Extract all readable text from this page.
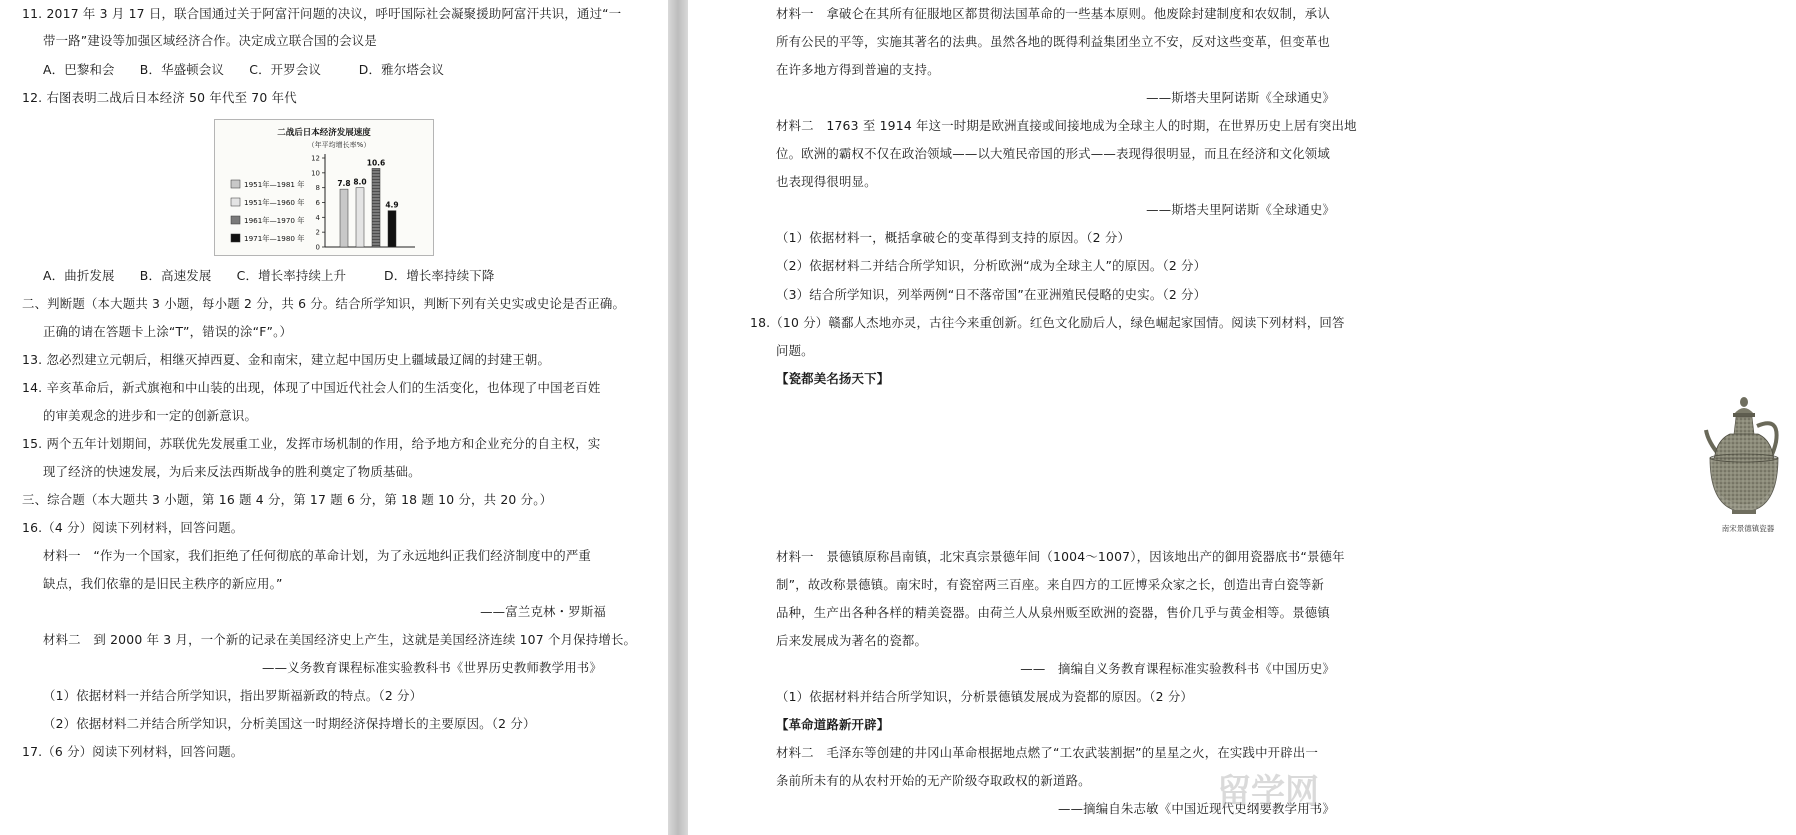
11. 2017 年 3 月 17 日，联合国通过关于阿富汗问题的决议，呼吁国际社会凝聚援助阿富汗共识，通过“一
带一路”建设等加强区域经济合作。决定成立联合国的会议是
A．巴黎和会　　B．华盛顿会议　　C．开罗会议　　　D．雅尔塔会议
12. 右图表明二战后日本经济 50 年代至 70 年代
二战后日本经济发展速度
（年平均增长率%）
0
2
4
6
8
10
12
7.8 8.0
10.6
4.9
1951年—1981 年
1951年—1960 年
1961年—1970 年
1971年—1980 年
A．曲折发展　　B．高速发展　　C．增长率持续上升　　　D．增长率持续下降
二、判断题（本大题共 3 小题，每小题 2 分，共 6 分。结合所学知识，判断下列有关史实或史论是否正确。
正确的请在答题卡上涂“T”，错误的涂“F”。）
13. 忽必烈建立元朝后，相继灭掉西夏、金和南宋，建立起中国历史上疆域最辽阔的封建王朝。
14. 辛亥革命后，新式旗袍和中山装的出现，体现了中国近代社会人们的生活变化，也体现了中国老百姓
的审美观念的进步和一定的创新意识。
15. 两个五年计划期间，苏联优先发展重工业，发挥市场机制的作用，给予地方和企业充分的自主权，实
现了经济的快速发展，为后来反法西斯战争的胜利奠定了物质基础。
三、综合题（本大题共 3 小题，第 16 题 4 分，第 17 题 6 分，第 18 题 10 分，共 20 分。）
16.（4 分）阅读下列材料，回答问题。
材料一　“作为一个国家，我们拒绝了任何彻底的革命计划，为了永远地纠正我们经济制度中的严重
缺点，我们依靠的是旧民主秩序的新应用。”
——富兰克林・罗斯福
材料二　到 2000 年 3 月，一个新的记录在美国经济史上产生，这就是美国经济连续 107 个月保持增长。
——义务教育课程标准实验教科书《世界历史教师教学用书》
（1）依据材料一并结合所学知识，指出罗斯福新政的特点。（2 分）
（2）依据材料二并结合所学知识，分析美国这一时期经济保持增长的主要原因。（2 分）
17.（6 分）阅读下列材料，回答问题。
材料一　拿破仑在其所有征服地区都贯彻法国革命的一些基本原则。他废除封建制度和农奴制，承认
所有公民的平等，实施其著名的法典。虽然各地的既得利益集团坐立不安，反对这些变革，但变革也
在许多地方得到普遍的支持。
——斯塔夫里阿诺斯《全球通史》
材料二　1763 至 1914 年这一时期是欧洲直接或间接地成为全球主人的时期，在世界历史上居有突出地
位。欧洲的霸权不仅在政治领域——以大殖民帝国的形式——表现得很明显，而且在经济和文化领域
也表现得很明显。
——斯塔夫里阿诺斯《全球通史》
（1）依据材料一，概括拿破仑的变革得到支持的原因。（2 分）
（2）依据材料二并结合所学知识，分析欧洲“成为全球主人”的原因。（2 分）
（3）结合所学知识，列举两例“日不落帝国”在亚洲殖民侵略的史实。（2 分）
18.（10 分）赣鄱人杰地亦灵，古往今来重创新。红色文化励后人，绿色崛起家国情。阅读下列材料，回答
问题。
【瓷都美名扬天下】
南宋景德镇瓷器
材料一　景德镇原称昌南镇，北宋真宗景德年间（1004～1007），因该地出产的御用瓷器底书“景德年
制”，故改称景德镇。南宋时，有瓷窑两三百座。来自四方的工匠博采众家之长，创造出青白瓷等新
品种，生产出各种各样的精美瓷器。由荷兰人从泉州贩至欧洲的瓷器，售价几乎与黄金相等。景德镇
后来发展成为著名的瓷都。
——　摘编自义务教育课程标准实验教科书《中国历史》
（1）依据材料并结合所学知识，分析景德镇发展成为瓷都的原因。（2 分）
【革命道路新开辟】
材料二　毛泽东等创建的井冈山革命根据地点燃了“工农武装割据”的星星之火，在实践中开辟出一
条前所未有的从农村开始的无产阶级夺取政权的新道路。
——摘编自朱志敏《中国近现代史纲要教学用书》
留学网
